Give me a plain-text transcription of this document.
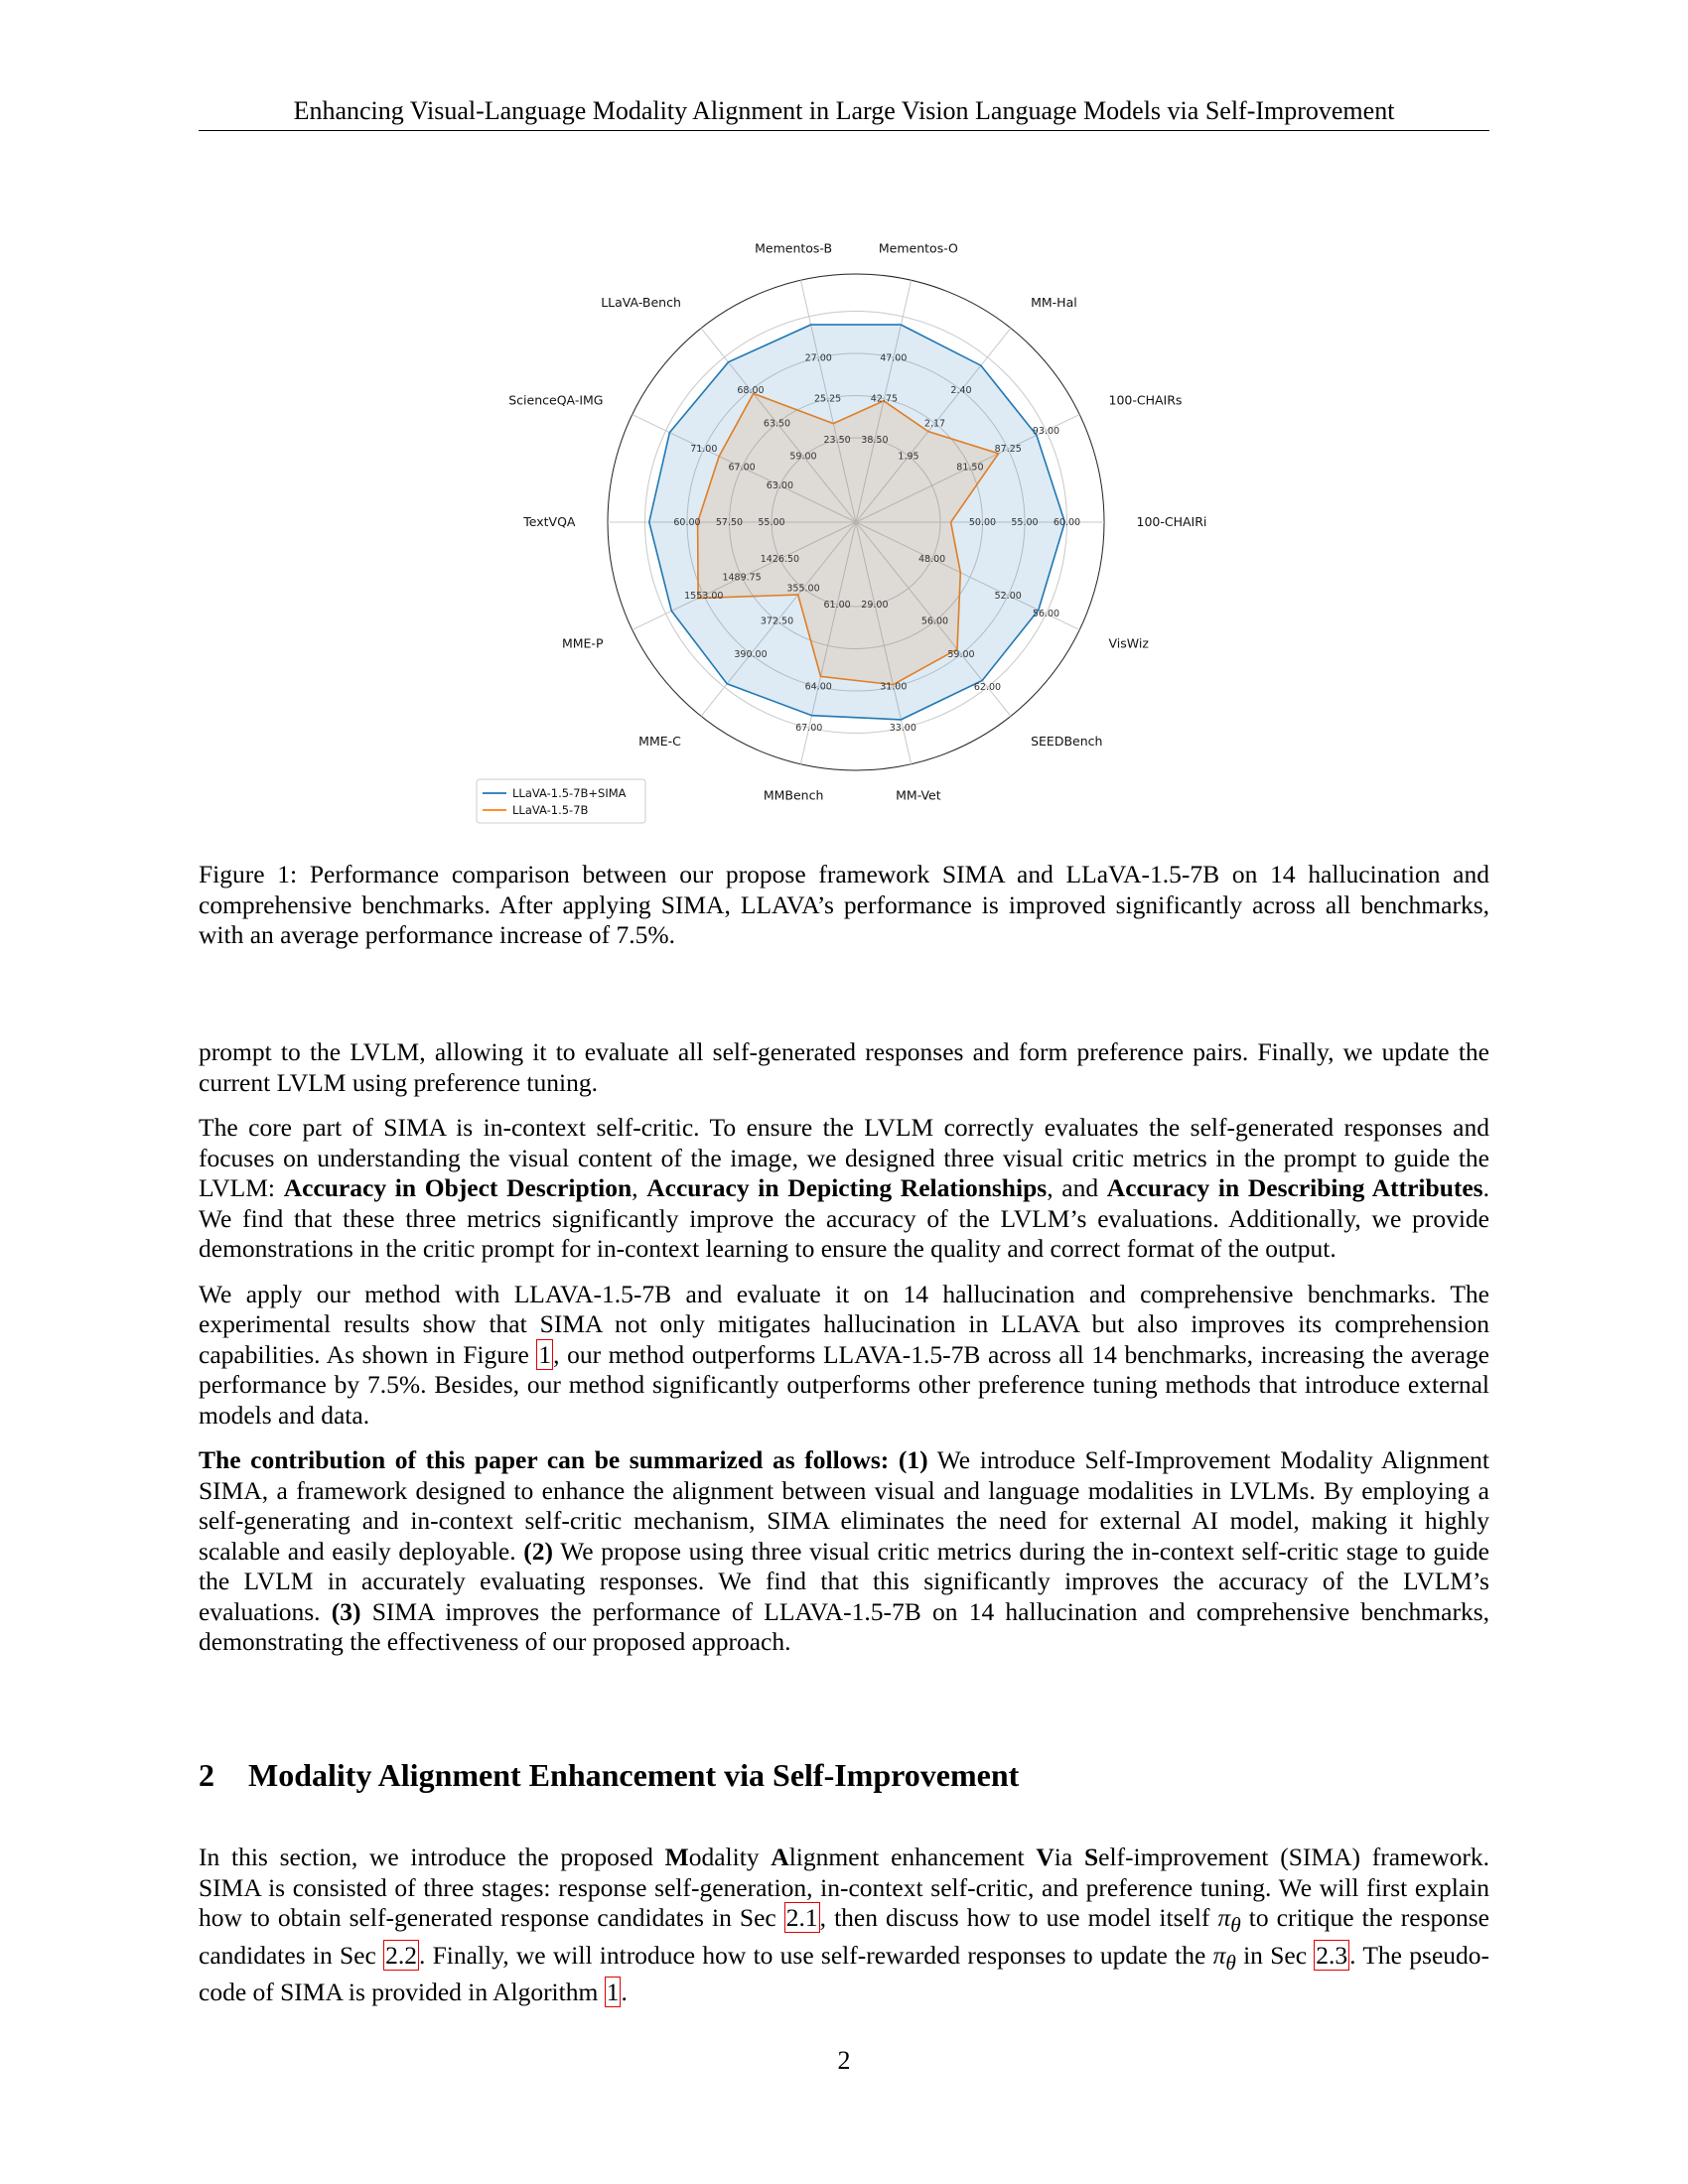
Enhancing Visual-Language Modality Alignment in Large Vision Language Models via Self-Improvement
38.50
1.95
48.00
29.00
61.00
355.00
1426.50
55.00
63.00
59.00
23.50
42.75
2.17
81.50
50.00
56.00
372.50
1489.75
57.50
67.00
63.50
25.25
47.00
2.40
87.25
55.00
52.00
59.00
31.00
64.00
390.00
1553.00
60.00
71.00
68.00
27.00
93.00
60.00
56.00
62.00
33.00
67.00
Mementos-O
MM-Hal
100-CHAIRs
100-CHAIRi
VisWiz
SEEDBench
MM-Vet
MMBench
MME-C
MME-P
TextVQA
ScienceQA-IMG
LLaVA-Bench
Mementos-B
LLaVA-1.5-7B+SIMA
LLaVA-1.5-7B
Figure 1: Performance comparison between our propose framework SIMA and LLaVA-1.5-7B on 14 hallucination and comprehensive benchmarks. After applying SIMA, LLAVA’s performance is improved significantly across all benchmarks, with an average performance increase of 7.5%.

prompt to the LVLM, allowing it to evaluate all self-generated responses and form preference pairs. Finally, we update the current LVLM using preference tuning.

The core part of SIMA is in-context self-critic. To ensure the LVLM correctly evaluates the self-generated responses and focuses on understanding the visual content of the image, we designed three visual critic metrics in the prompt to guide the LVLM: Accuracy in Object Description, Accuracy in Depicting Relationships, and Accuracy in Describing Attributes. We find that these three metrics significantly improve the accuracy of the LVLM’s evaluations. Additionally, we provide demonstrations in the critic prompt for in-context learning to ensure the quality and correct format of the output.

We apply our method with LLAVA-1.5-7B and evaluate it on 14 hallucination and comprehensive benchmarks. The experimental results show that SIMA not only mitigates hallucination in LLAVA but also improves its comprehension capabilities. As shown in Figure 1, our method outperforms LLAVA-1.5-7B across all 14 benchmarks, increasing the average performance by 7.5%. Besides, our method significantly outperforms other preference tuning methods that introduce external models and data.

The contribution of this paper can be summarized as follows: (1) We introduce Self-Improvement Modality Alignment SIMA, a framework designed to enhance the alignment between visual and language modalities in LVLMs. By employing a self-generating and in-context self-critic mechanism, SIMA eliminates the need for external AI model, making it highly scalable and easily deployable. (2) We propose using three visual critic metrics during the in-context self-critic stage to guide the LVLM in accurately evaluating responses. We find that this significantly improves the accuracy of the LVLM’s evaluations. (3) SIMA improves the performance of LLAVA-1.5-7B on 14 hallucination and comprehensive benchmarks, demonstrating the effectiveness of our proposed approach.

2 Modality Alignment Enhancement via Self-Improvement

In this section, we introduce the proposed Modality Alignment enhancement Via Self-improvement (SIMA) framework. SIMA is consisted of three stages: response self-generation, in-context self-critic, and preference tuning. We will first explain how to obtain self-generated response candidates in Sec 2.1, then discuss how to use model itself $\pi_\theta$ to critique the response candidates in Sec 2.2. Finally, we will introduce how to use self-rewarded responses to update the $\pi_\theta$ in Sec 2.3. The pseudo-code of SIMA is provided in Algorithm 1.

2
